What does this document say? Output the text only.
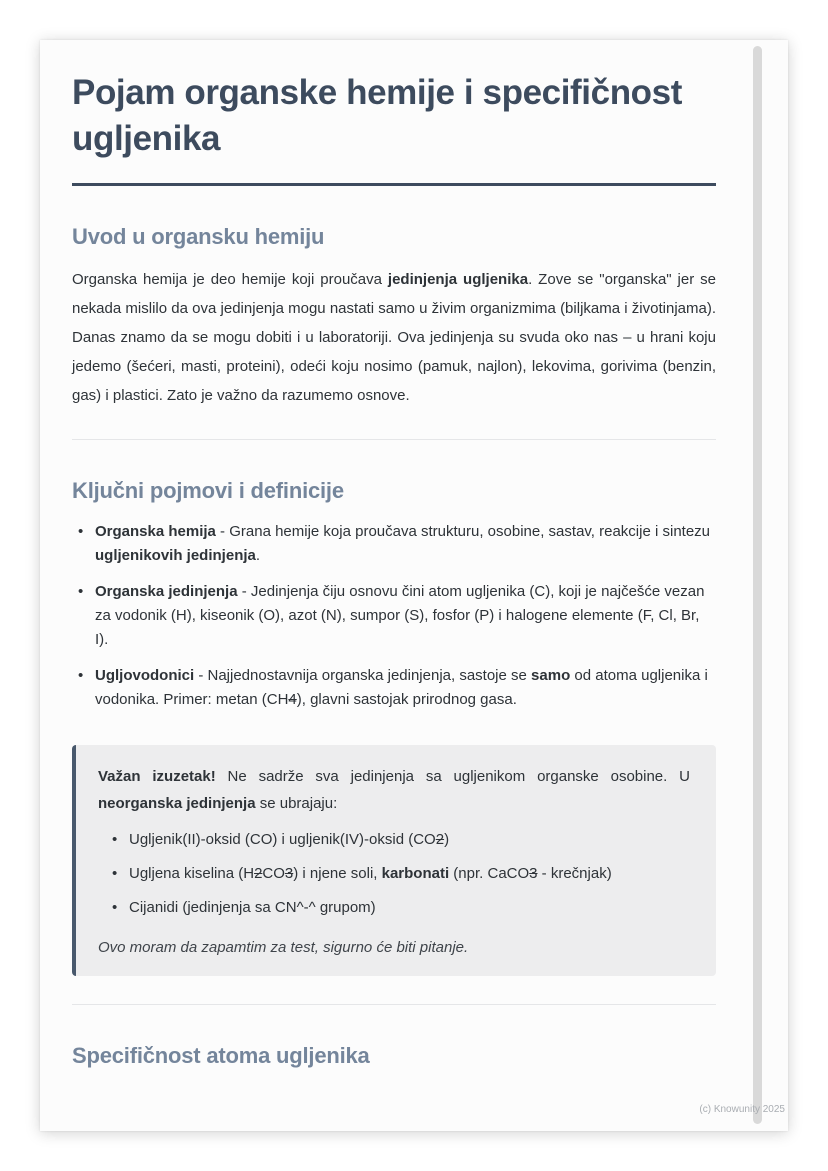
Pojam organske hemije i specifičnost ugljenika
Uvod u organsku hemiju

Organska hemija je deo hemije koji proučava jedinjenja ugljenika. Zove se "organska" jer se nekada mislilo da ova jedinjenja mogu nastati samo u živim organizmima (biljkama i životinjama). Danas znamo da se mogu dobiti i u laboratoriji. Ova jedinjenja su svuda oko nas – u hrani koju jedemo (šećeri, masti, proteini), odeći koju nosimo (pamuk, najlon), lekovima, gorivima (benzin, gas) i plastici. Zato je važno da razumemo osnove.

Ključni pojmovi i definicije
• Organska hemija - Grana hemije koja proučava strukturu, osobine, sastav, reakcije i sintezu ugljenikovih jedinjenja.
• Organska jedinjenja - Jedinjenja čiju osnovu čini atom ugljenika (C), koji je najčešće vezan za vodonik (H), kiseonik (O), azot (N), sumpor (S), fosfor (P) i halogene elemente (F, Cl, Br, I).
• Ugljovodonici - Najjednostavnija organska jedinjenja, sastoje se samo od atoma ugljenika i vodonika. Primer: metan (CH4), glavni sastojak prirodnog gasa.

Važan izuzetak! Ne sadrže sva jedinjenja sa ugljenikom organske osobine. U neorganska jedinjenja se ubrajaju:

• Ugljenik(II)-oksid (CO) i ugljenik(IV)-oksid (CO2)
• Ugljena kiselina (H2CO3) i njene soli, karbonati (npr. CaCO3 - krečnjak)
• Cijanidi (jedinjenja sa CN^-^ grupom)

Ovo moram da zapamtim za test, sigurno će biti pitanje.

Specifičnost atoma ugljenika
(c) Knowunity 2025
